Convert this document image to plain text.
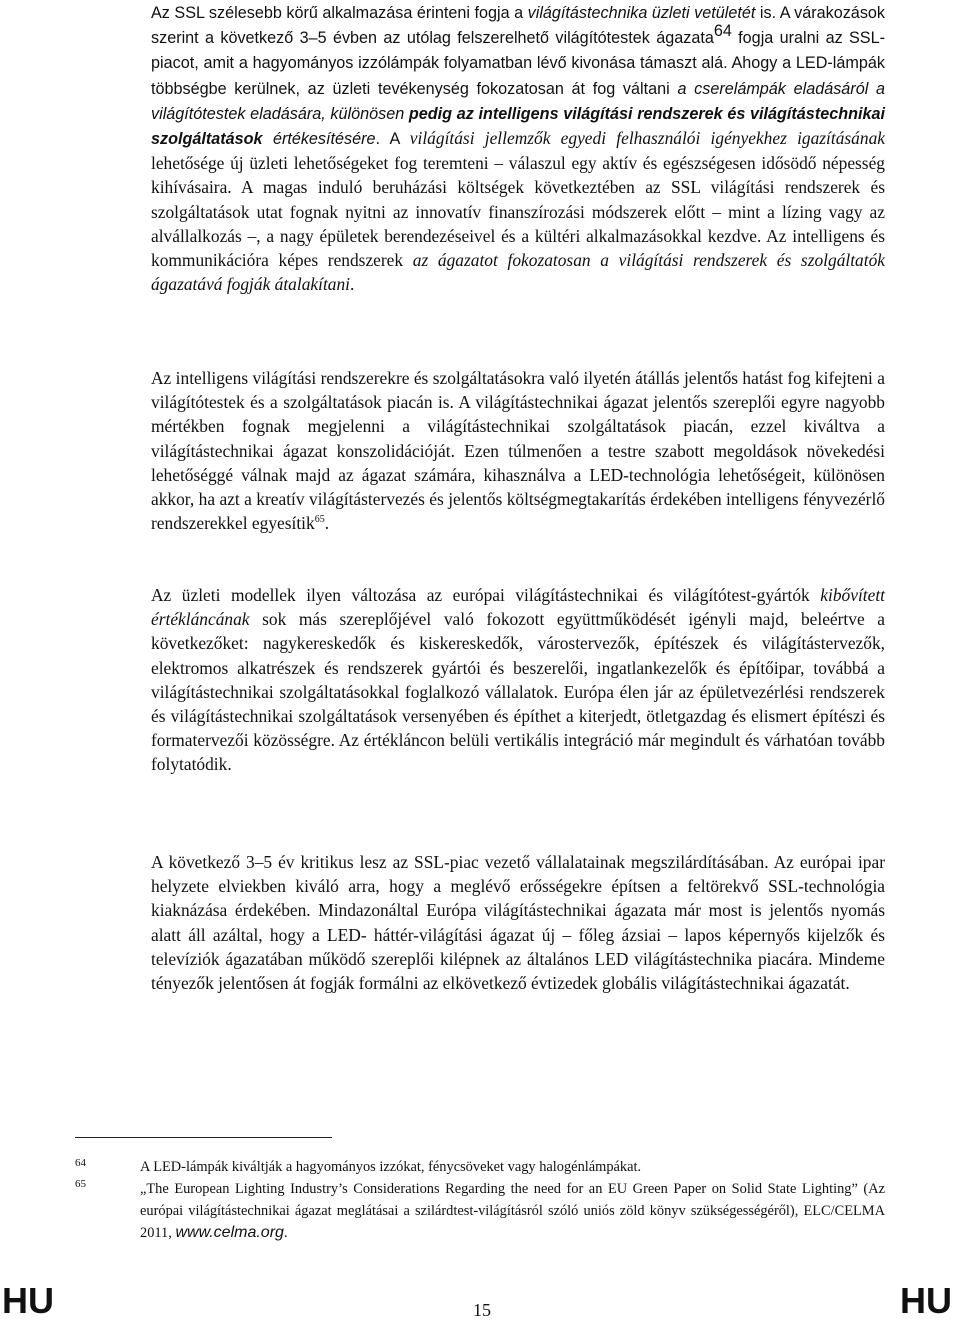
Az SSL szélesebb körű alkalmazása érinteni fogja a világítástechnika üzleti vetületét is. A várakozások szerint a következő 3–5 évben az utólag felszerelhető világítótestek ágazata$^{64}$ fogja uralni az SSL-piacot, amit a hagyományos izzólámpák folyamatban lévő kivonása támaszt alá. Ahogy a LED-lámpák többségbe kerülnek, az üzleti tevékenység fokozatosan át fog váltani a cserelámpák eladásáról a világítótestek eladására, különösen pedig az intelligens világítási rendszerek és világítástechnikai szolgáltatások értékesítésére. A világítási jellemzők egyedi felhasználói igényekhez igazításának lehetősége új üzleti lehetőségeket fog teremteni – válaszul egy aktív és egészségesen idősödő népesség kihívásaira. A magas induló beruházási költségek következtében az SSL világítási rendszerek és szolgáltatások utat fognak nyitni az innovatív finanszírozási módszerek előtt – mint a lízing vagy az alvállalkozás –, a nagy épületek berendezéseivel és a kültéri alkalmazásokkal kezdve. Az intelligens és kommunikációra képes rendszerek az ágazatot fokozatosan a világítási rendszerek és szolgáltatók ágazatává fogják átalakítani.

Az intelligens világítási rendszerekre és szolgáltatásokra való ilyetén átállás jelentős hatást fog kifejteni a világítótestek és a szolgáltatások piacán is. A világítástechnikai ágazat jelentős szereplői egyre nagyobb mértékben fognak megjelenni a világítástechnikai szolgáltatások piacán, ezzel kiváltva a világítástechnikai ágazat konszolidációját. Ezen túlmenően a testre szabott megoldások növekedési lehetőséggé válnak majd az ágazat számára, kihasználva a LED-technológia lehetőségeit, különösen akkor, ha azt a kreatív világítástervezés és jelentős költségmegtakarítás érdekében intelligens fényvezérlő rendszerekkel egyesítik$^{65}$.

Az üzleti modellek ilyen változása az európai világítástechnikai és világítótest-gyártók kibővített értékláncának sok más szereplőjével való fokozott együttműködését igényli majd, beleértve a következőket: nagykereskedők és kiskereskedők, várostervezők, építészek és világítástervezők, elektromos alkatrészek és rendszerek gyártói és beszerelői, ingatlankezelők és építőipar, továbbá a világítástechnikai szolgáltatásokkal foglalkozó vállalatok. Európa élen jár az épületvezérlési rendszerek és világítástechnikai szolgáltatások versenyében és építhet a kiterjedt, ötletgazdag és elismert építészi és formatervezői közösségre. Az értékláncon belüli vertikális integráció már megindult és várhatóan tovább folytatódik.

A következő 3–5 év kritikus lesz az SSL-piac vezető vállalatainak megszilárdításában. Az európai ipar helyzete elviekben kiváló arra, hogy a meglévő erősségekre építsen a feltörekvő SSL-technológia kiaknázása érdekében. Mindazonáltal Európa világítástechnikai ágazata már most is jelentős nyomás alatt áll azáltal, hogy a LED- háttér-világítási ágazat új – főleg ázsiai – lapos képernyős kijelzők és televíziók ágazatában működő szereplői kilépnek az általános LED világítástechnika piacára. Mindeme tényezők jelentősen át fogják formálni az elkövetkező évtizedek globális világítástechnikai ágazatát.

64
65

A LED-lámpák kiváltják a hagyományos izzókat, fénycsöveket vagy halogénlámpákat.

„The European Lighting Industry’s Considerations Regarding the need for an EU Green Paper on Solid State Lighting” (Az európai világítástechnikai ágazat meglátásai a szilárdtest-világításról szóló uniós zöld könyv szükségességéről), ELC/CELMA 2011, www.celma.org.

HU	15	HU
